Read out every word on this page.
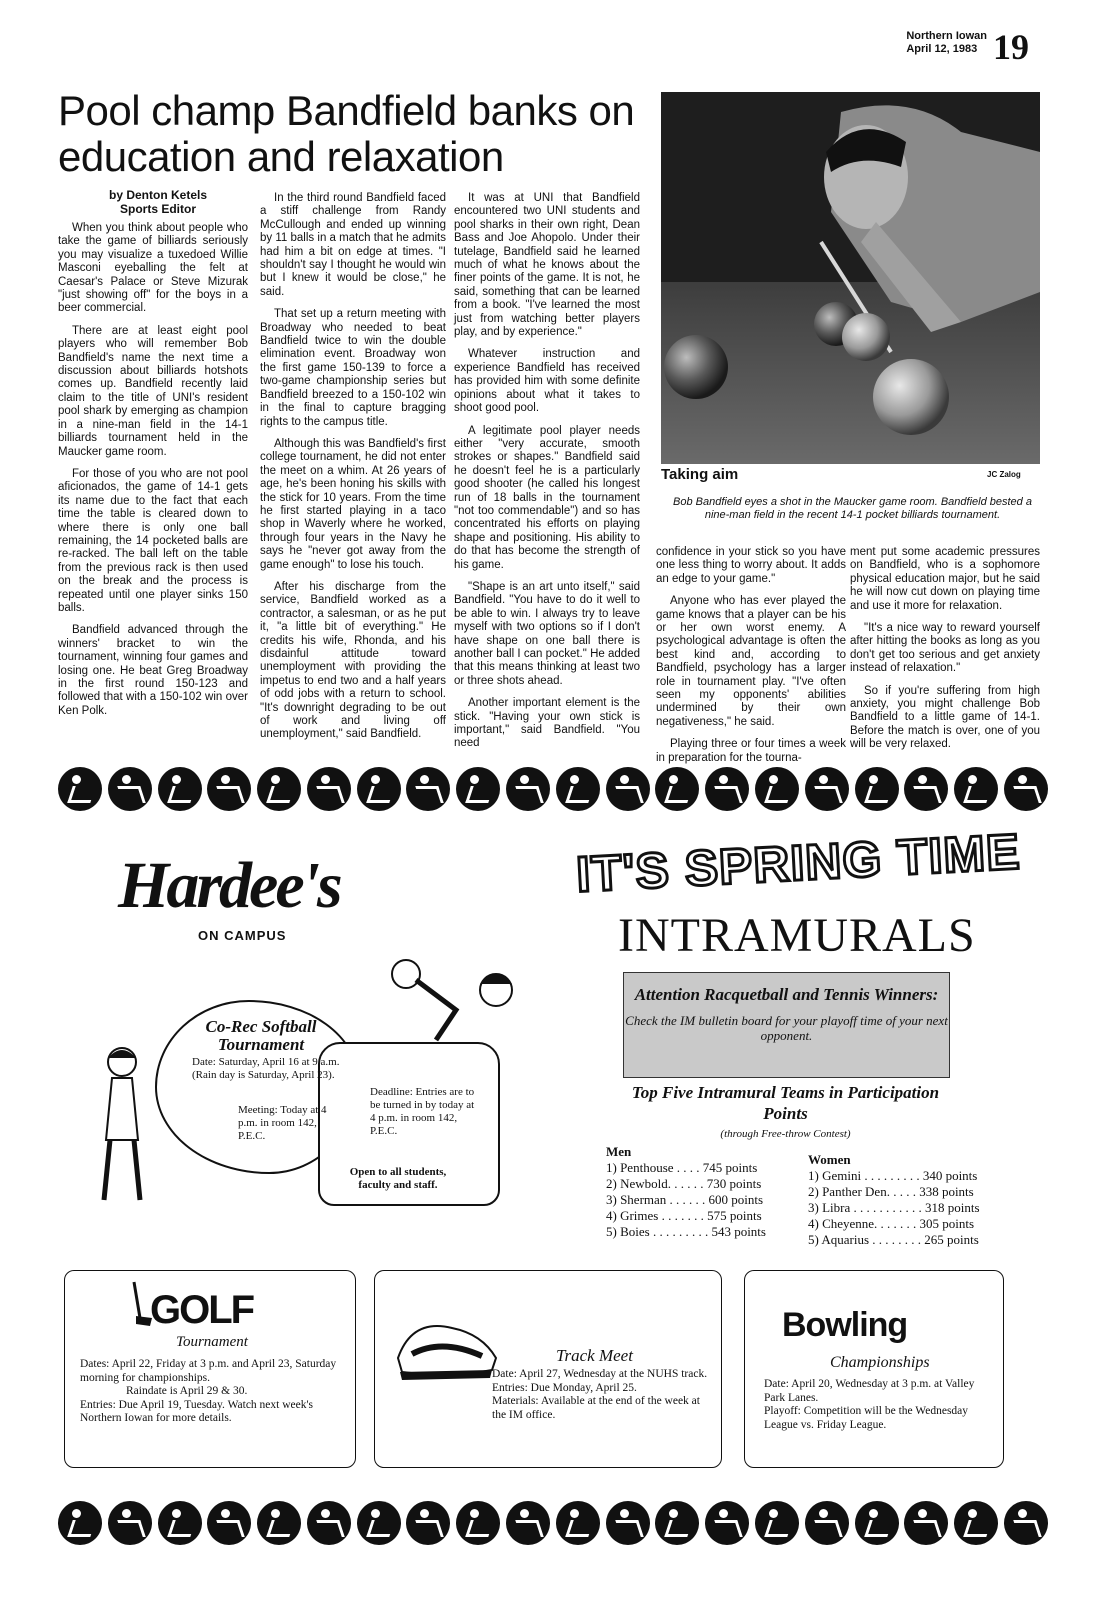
Northern Iowan
April 12, 1983 19
Pool champ Bandfield banks on education and relaxation
by Denton Ketels
Sports Editor

When you think about people who take the game of billiards seriously you may visualize a tuxedoed Willie Masconi eyeballing the felt at Caesar's Palace or Steve Mizurak "just showing off" for the boys in a beer commercial.

There are at least eight pool players who will remember Bob Bandfield's name the next time a discussion about billiards hotshots comes up. Bandfield recently laid claim to the title of UNI's resident pool shark by emerging as champion in a nine-man field in the 14-1 billiards tournament held in the Maucker game room.

For those of you who are not pool aficionados, the game of 14-1 gets its name due to the fact that each time the table is cleared down to where there is only one ball remaining, the 14 pocketed balls are re-racked. The ball left on the table from the previous rack is then used on the break and the process is repeated until one player sinks 150 balls.

Bandfield advanced through the winners' bracket to win the tournament, winning four games and losing one. He beat Greg Broadway in the first round 150-123 and followed that with a 150-102 win over Ken Polk.

In the third round Bandfield faced a stiff challenge from Randy McCullough and ended up winning by 11 balls in a match that he admits had him a bit on edge at times. "I shouldn't say I thought he would win but I knew it would be close," he said.

That set up a return meeting with Broadway who needed to beat Bandfield twice to win the double elimination event. Broadway won the first game 150-139 to force a two-game championship series but Bandfield breezed to a 150-102 win in the final to capture bragging rights to the campus title.

Although this was Bandfield's first college tournament, he did not enter the meet on a whim. At 26 years of age, he's been honing his skills with the stick for 10 years. From the time he first started playing in a taco shop in Waverly where he worked, through four years in the Navy he says he "never got away from the game enough" to lose his touch.

After his discharge from the service, Bandfield worked as a contractor, a salesman, or as he put it, "a little bit of everything." He credits his wife, Rhonda, and his disdainful attitude toward unemployment with providing the impetus to end two and a half years of odd jobs with a return to school. "It's downright degrading to be out of work and living off unemployment," said Bandfield.

It was at UNI that Bandfield encountered two UNI students and pool sharks in their own right, Dean Bass and Joe Ahopolo. Under their tutelage, Bandfield said he learned much of what he knows about the finer points of the game. It is not, he said, something that can be learned from a book. "I've learned the most just from watching better players play, and by experience."

Whatever instruction and experience Bandfield has received has provided him with some definite opinions about what it takes to shoot good pool.

A legitimate pool player needs either "very accurate, smooth strokes or shapes." Bandfield said he doesn't feel he is a particularly good shooter (he called his longest run of 18 balls in the tournament "not too commendable") and so has concentrated his efforts on playing shape and positioning. His ability to do that has become the strength of his game.

"Shape is an art unto itself," said Bandfield. "You have to do it well to be able to win. I always try to leave myself with two options so if I don't have shape on one ball there is another ball I can pocket." He added that this means thinking at least two or three shots ahead.

Another important element is the stick. "Having your own stick is important," said Bandfield. "You need

confidence in your stick so you have one less thing to worry about. It adds an edge to your game."

Anyone who has ever played the game knows that a player can be his or her own worst enemy. A psychological advantage is often the best kind and, according to Bandfield, psychology has a larger role in tournament play. "I've often seen my opponents' abilities undermined by their own negativeness," he said.

Playing three or four times a week in preparation for the tourna-

ment put some academic pressures on Bandfield, who is a sophomore physical education major, but he said he will now cut down on playing time and use it more for relaxation.

"It's a nice way to reward yourself after hitting the books as long as you don't get too serious and get anxiety instead of relaxation."

So if you're suffering from high anxiety, you might challenge Bob Bandfield to a little game of 14-1. Before the match is over, one of you will be very relaxed.

Taking aim	JC Zalog
Bob Bandfield eyes a shot in the Maucker game room. Bandfield bested a nine-man field in the recent 14-1 pocket billiards tournament.
Hardee's
ON CAMPUS
IT'S SPRING TIME
INTRAMURALS
Co-Rec Softball Tournament
Date: Saturday, April 16 at 9 a.m. (Rain day is Saturday, April 23).
Meeting: Today at 4 p.m. in room 142, P.E.C.
Deadline: Entries are to be turned in by today at 4 p.m. in room 142, P.E.C.
Open to all students, faculty and staff.
Attention Racquetball and Tennis Winners:
Check the IM bulletin board for your playoff time of your next opponent.
Top Five Intramural Teams in Participation Points
(through Free-throw Contest)
Men
1) Penthouse . . . . 745 points
2) Newbold. . . . . . 730 points
3) Sherman . . . . . . 600 points
4) Grimes . . . . . . . 575 points
5) Boies . . . . . . . . . 543 points
Women
1) Gemini . . . . . . . . . 340 points
2) Panther Den. . . . . 338 points
3) Libra . . . . . . . . . . . 318 points
4) Cheyenne. . . . . . . 305 points
5) Aquarius . . . . . . . . 265 points
GOLF
Tournament
Dates: April 22, Friday at 3 p.m. and April 23, Saturday morning for championships.
Raindate is April 29 & 30.
Entries: Due April 19, Tuesday. Watch next week's Northern Iowan for more details.
Track Meet
Date: April 27, Wednesday at the NUHS track.
Entries: Due Monday, April 25.
Materials: Available at the end of the week at the IM office.
Bowling
Championships
Date: April 20, Wednesday at 3 p.m. at Valley Park Lanes.
Playoff: Competition will be the Wednesday League vs. Friday League.
